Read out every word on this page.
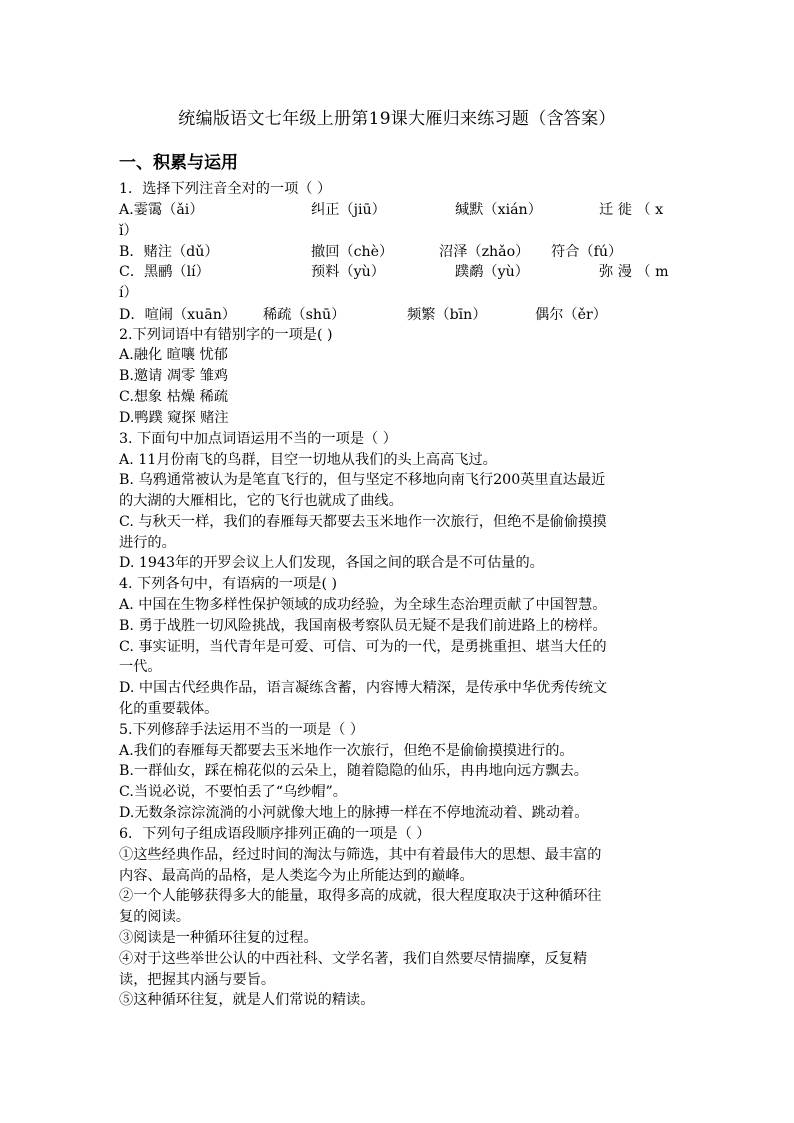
统编版语文七年级上册第19课大雁归来练习题（含答案）
一、积累与运用
1．选择下列注音全对的一项（ ）
A.霎霭（ǎi）	纠正（jiū）	缄默（xián）	迁 徙 （ x
ǐ）
B．赌注（dǔ）	撤回（chè）	沼泽（zhǎo） 符合（fú）
C．黑鹂（lí）	预料（yù）	蹼鹬（yù）	弥 漫 （ m
í）
D．喧闹（xuān） 稀疏（shū）	频繁（bīn）	偶尔（ěr）
2.下列词语中有错别字的一项是( )
A.融化 暄嚷 忧郁
B.邀请 凋零 雏鸡
C.想象 枯燥 稀疏
D.鸭蹼 窥探 赌注
3. 下面句中加点词语运用不当的一项是（ ）
A. 11月份南飞的鸟群，目空一切地从我们的头上高高飞过。
B. 乌鸦通常被认为是笔直飞行的，但与坚定不移地向南飞行200英里直达最近
的大湖的大雁相比，它的飞行也就成了曲线。
C. 与秋天一样，我们的春雁每天都要去玉米地作一次旅行，但绝不是偷偷摸摸
进行的。
D. 1943年的开罗会议上人们发现，各国之间的联合是不可估量的。
4. 下列各句中，有语病的一项是( )
A. 中国在生物多样性保护领域的成功经验，为全球生态治理贡献了中国智慧。
B. 勇于战胜一切风险挑战，我国南极考察队员无疑不是我们前进路上的榜样。
C. 事实证明，当代青年是可爱、可信、可为的一代，是勇挑重担、堪当大任的
一代。
D. 中国古代经典作品，语言凝练含蓄，内容博大精深，是传承中华优秀传统文
化的重要载体。
5.下列修辞手法运用不当的一项是（ ）
A.我们的春雁每天都要去玉米地作一次旅行，但绝不是偷偷摸摸进行的。
B.一群仙女，踩在棉花似的云朵上，随着隐隐的仙乐，冉冉地向远方飘去。
C.当说必说，不要怕丢了“乌纱帽”。
D.无数条淙淙流淌的小河就像大地上的脉搏一样在不停地流动着、跳动着。
6．下列句子组成语段顺序排列正确的一项是（ ）
①这些经典作品，经过时间的淘汰与筛选，其中有着最伟大的思想、最丰富的
内容、最高尚的品格，是人类迄今为止所能达到的巅峰。
②一个人能够获得多大的能量，取得多高的成就，很大程度取决于这种循环往
复的阅读。
③阅读是一种循环往复的过程。
④对于这些举世公认的中西社科、文学名著，我们自然要尽情揣摩，反复精
读，把握其内涵与要旨。
⑤这种循环往复，就是人们常说的精读。
